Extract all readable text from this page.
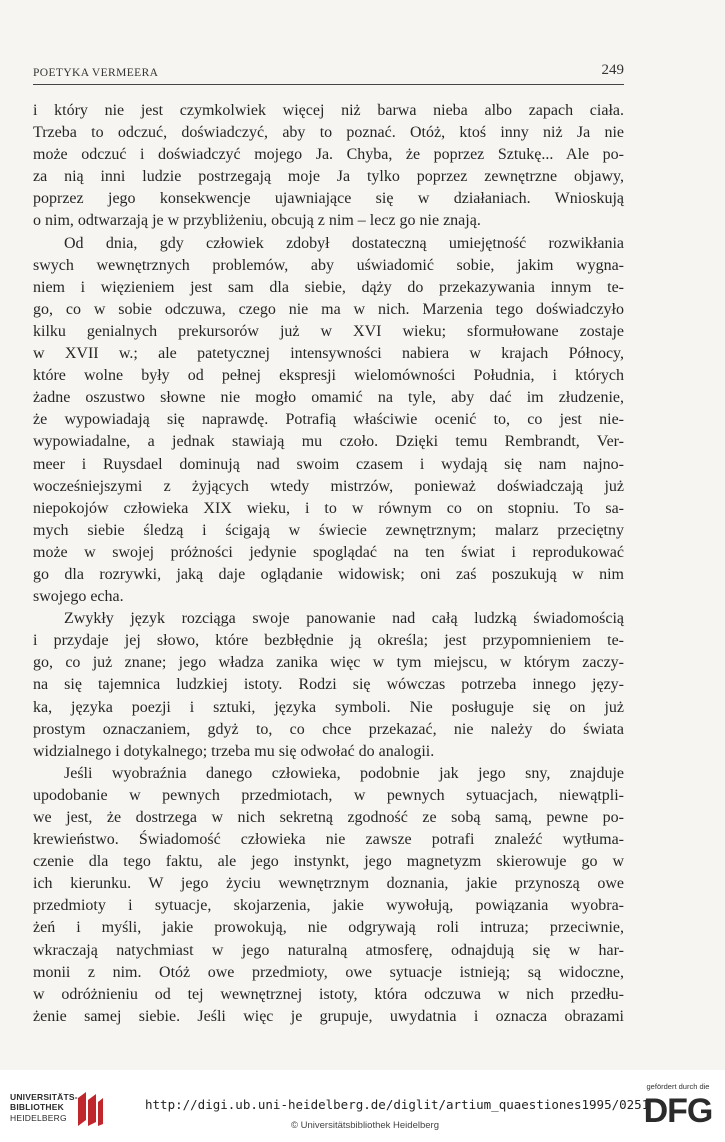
POETYKA VERMEERA	249

i który nie jest czymkolwiek więcej niż barwa nieba albo zapach ciała.
Trzeba to odczuć, doświadczyć, aby to poznać. Otóż, ktoś inny niż Ja nie
może odczuć i doświadczyć mojego Ja. Chyba, że poprzez Sztukę... Ale po-
za nią inni ludzie postrzegają moje Ja tylko poprzez zewnętrzne objawy,
poprzez jego konsekwencje ujawniające się w działaniach. Wnioskują
o nim, odtwarzają je w przybliżeniu, obcują z nim – lecz go nie znają.

Od dnia, gdy człowiek zdobył dostateczną umiejętność rozwikłania
swych wewnętrznych problemów, aby uświadomić sobie, jakim wygna-
niem i więzieniem jest sam dla siebie, dąży do przekazywania innym te-
go, co w sobie odczuwa, czego nie ma w nich. Marzenia tego doświadczyło
kilku genialnych prekursorów już w XVI wieku; sformułowane zostaje
w XVII w.; ale patetycznej intensywności nabiera w krajach Północy,
które wolne były od pełnej ekspresji wielomówności Południa, i których
żadne oszustwo słowne nie mogło omamić na tyle, aby dać im złudzenie,
że wypowiadają się naprawdę. Potrafią właściwie ocenić to, co jest nie-
wypowiadalne, a jednak stawiają mu czoło. Dzięki temu Rembrandt, Ver-
meer i Ruysdael dominują nad swoim czasem i wydają się nam najno-
wocześniejszymi z żyjących wtedy mistrzów, ponieważ doświadczają już
niepokojów człowieka XIX wieku, i to w równym co on stopniu. To sa-
mych siebie śledzą i ścigają w świecie zewnętrznym; malarz przeciętny
może w swojej próżności jedynie spoglądać na ten świat i reprodukować
go dla rozrywki, jaką daje oglądanie widowisk; oni zaś poszukują w nim
swojego echa.

Zwykły język rozciąga swoje panowanie nad całą ludzką świadomością
i przydaje jej słowo, które bezbłędnie ją określa; jest przypomnieniem te-
go, co już znane; jego władza zanika więc w tym miejscu, w którym zaczy-
na się tajemnica ludzkiej istoty. Rodzi się wówczas potrzeba innego języ-
ka, języka poezji i sztuki, języka symboli. Nie posługuje się on już
prostym oznaczaniem, gdyż to, co chce przekazać, nie należy do świata
widzialnego i dotykalnego; trzeba mu się odwołać do analogii.

Jeśli wyobraźnia danego człowieka, podobnie jak jego sny, znajduje
upodobanie w pewnych przedmiotach, w pewnych sytuacjach, niewątpli-
we jest, że dostrzega w nich sekretną zgodność ze sobą samą, pewne po-
krewieństwo. Świadomość człowieka nie zawsze potrafi znaleźć wytłuma-
czenie dla tego faktu, ale jego instynkt, jego magnetyzm skierowuje go w
ich kierunku. W jego życiu wewnętrznym doznania, jakie przynoszą owe
przedmioty i sytuacje, skojarzenia, jakie wywołują, powiązania wyobra-
żeń i myśli, jakie prowokują, nie odgrywają roli intruza; przeciwnie,
wkraczają natychmiast w jego naturalną atmosferę, odnajdują się w har-
monii z nim. Otóż owe przedmioty, owe sytuacje istnieją; są widoczne,
w odróżnieniu od tej wewnętrznej istoty, która odczuwa w nich przedłu-
żenie samej siebie. Jeśli więc je grupuje, uwydatnia i oznacza obrazami

UNIVERSITÄTS-
BIBLIOTHEK
HEIDELBERG
http://digi.ub.uni-heidelberg.de/diglit/artium_quaestiones1995/0251
© Universitätsbibliothek Heidelberg
gefördert durch die
DFG
